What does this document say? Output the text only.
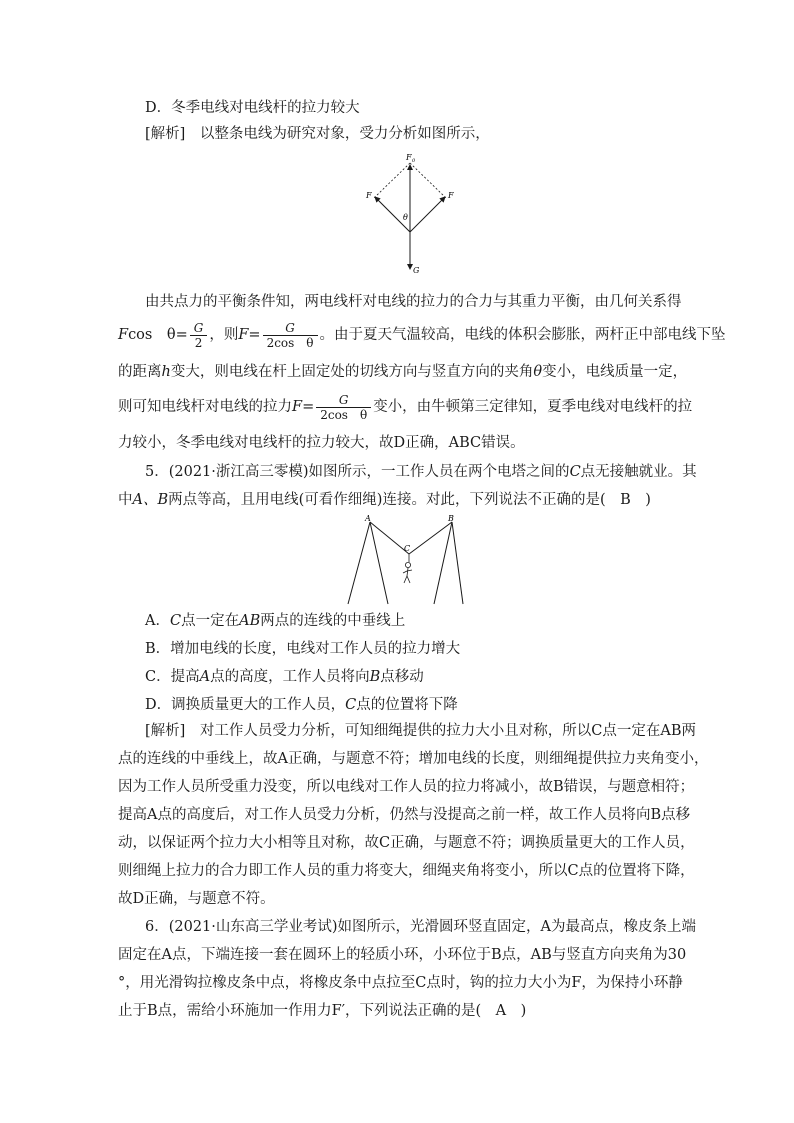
D．冬季电线对电线杆的拉力较大
[解析]　以整条电线为研究对象，受力分析如图所示，
F 0
F	F
θ
G

由共点力的平衡条件知，两电线杆对电线的拉力的合力与其重力平衡，由几何关系得

Fcos　$\theta= \frac{G}{2}$ ，则$F= \frac{G}{\text{2cos　θ}}$ 。由于夏天气温较高，电线的体积会膨胀，两杆正中部电线下坠
的距离h变大，则电线在杆上固定处的切线方向与竖直方向的夹角θ变小，电线质量一定，
则可知电线杆对电线的拉力$F= \frac{G}{\text{2cos　θ}}$ 变小，由牛顿第三定律知，夏季电线对电线杆的拉
力较小，冬季电线对电线杆的拉力较大，故D正确，ABC错误。
5．(2021·浙江高三零模)如图所示，一工作人员在两个电塔之间的C点无接触就业。其
中A、B两点等高，且用电线(可看作细绳)连接。对此，下列说法不正确的是(　B　)
A	B
C
A．C点一定在AB两点的连线的中垂线上
B．增加电线的长度，电线对工作人员的拉力增大
C．提高A点的高度，工作人员将向B点移动
D．调换质量更大的工作人员，C点的位置将下降
[解析]　对工作人员受力分析，可知细绳提供的拉力大小且对称，所以C点一定在AB两
点的连线的中垂线上，故A正确，与题意不符；增加电线的长度，则细绳提供拉力夹角变小，
因为工作人员所受重力没变，所以电线对工作人员的拉力将减小，故B错误，与题意相符；
提高A点的高度后，对工作人员受力分析，仍然与没提高之前一样，故工作人员将向B点移
动，以保证两个拉力大小相等且对称，故C正确，与题意不符；调换质量更大的工作人员，
则细绳上拉力的合力即工作人员的重力将变大，细绳夹角将变小，所以C点的位置将下降，
故D正确，与题意不符。
6．(2021·山东高三学业考试)如图所示，光滑圆环竖直固定，A为最高点，橡皮条上端
固定在A点，下端连接一套在圆环上的轻质小环，小环位于B点，AB与竖直方向夹角为30
°，用光滑钩拉橡皮条中点，将橡皮条中点拉至C点时，钩的拉力大小为F，为保持小环静
止于B点，需给小环施加一作用力F′，下列说法正确的是(　A　)
